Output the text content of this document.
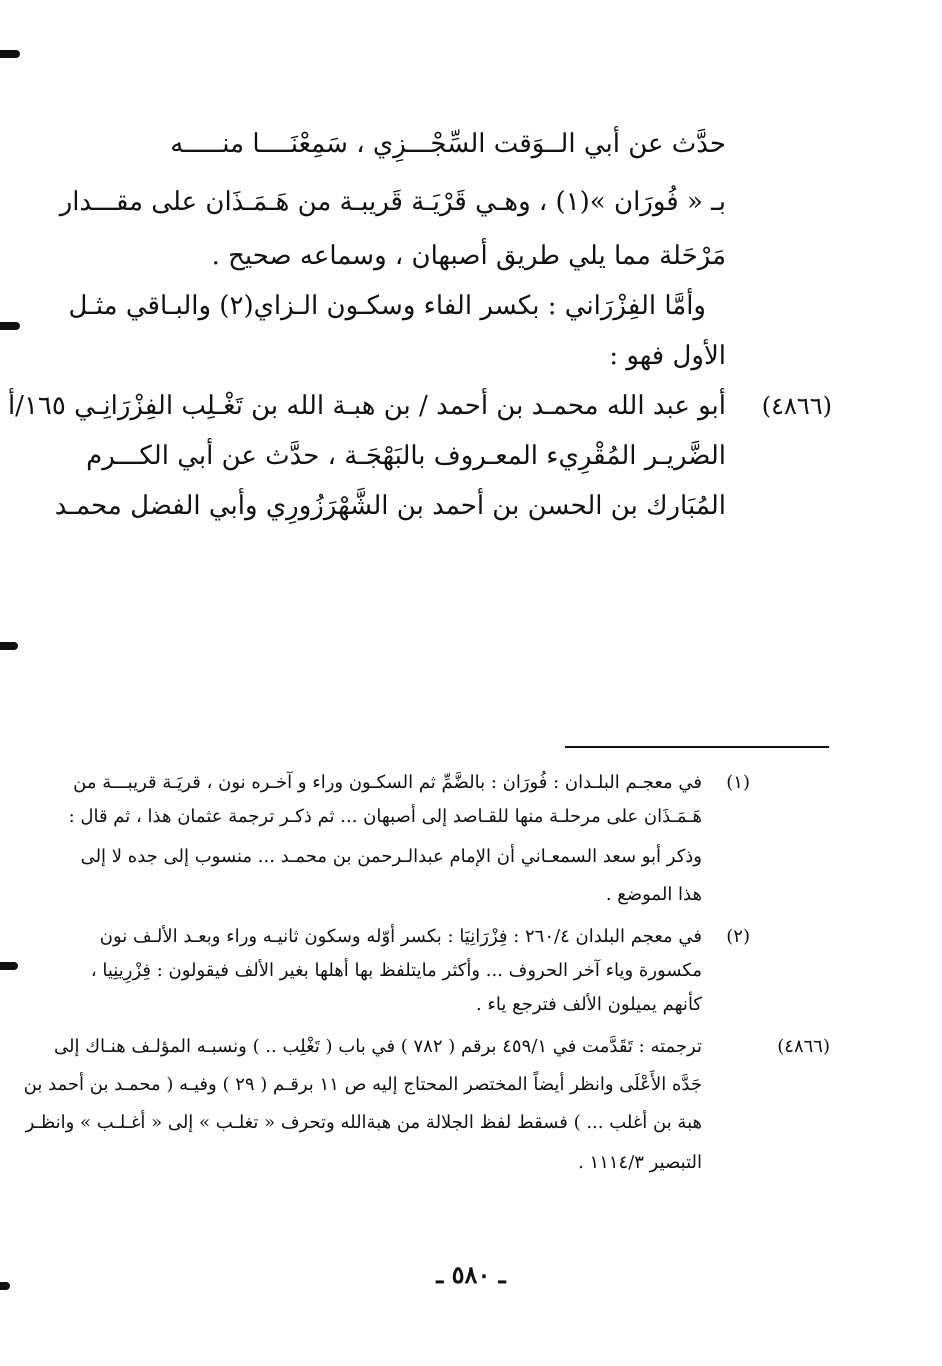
حدَّث عن أبي الــوَقت السِّجْـــزِي ، سَمِعْنَــــا منـــــه
بـ « فُورَان »(١) ، وهـي قَرْيَـة قَريبـة من هَـمَـذَان على مقـــدار
مَرْحَلة مما يلي طريق أصبهان ، وسماعه صحيح .
وأمَّا الفِزْرَاني : بكسر الفاء وسكـون الـزاي(٢) والبـاقي مثـل
الأول فهو :
(٤٨٦٦)
أبو عبد الله محمـد بن أحمد / بن هبـة الله بن تَغْـلِب الفِزْرَانِـي ١٦٥/أ
الضَّريـر المُقْرِيء المعـروف بالبَهْجَـة ، حدَّث عن أبي الكـــرم
المُبَارك بن الحسن بن أحمد بن الشَّهْرَزُورِي وأبي الفضل محمـد
(١)
في معجـم البلـدان : فُورَان : بالضَّمِّ ثم السكـون وراء و آخـره نون ، قريَـة قريبـــة من
هَـمَـذَان على مرحلـة منها للقـاصد إلى أصبهان ... ثم ذكـر ترجمة عثمان هذا ، ثم قال :
وذكر أبو سعد السمعـاني أن الإمام عبدالـرحمن بن محمـد ... منسوب إلى جده لا إلى
هذا الموضع .
(٢)
في معجم البلدان ٢٦٠/٤ : فِزْرَانِيَا : بكسر أوّله وسكون ثانيـه وراء وبعـد الألـف نون
مكسورة وياء آخر الحروف ... وأكثر مايتلفظ بها أهلها بغير الألف فيقولون : فِزْرِينِيا ،
كأنهم يميلون الألف فترجع ياء .
(٤٨٦٦)
ترجمته : تَقَدَّمت في ٤٥٩/١ برقم ( ٧٨٢ ) في باب ( تَغْلِب .. ) ونسبـه المؤلـف هنـاك إلى
جَدَّه الأَعْلَى وانظر أيضاً المختصر المحتاج إليه ص ١١ برقـم ( ٢٩ ) وفيـه ( محمـد بن أحمد بن
هبة بن أغلب ... ) فسقط لفظ الجلالة من هبةالله وتحرف « تغلـب » إلى « أغـلـب » وانظـر
التبصير ١١١٤/٣ .
ـ ٥٨٠ ـ
